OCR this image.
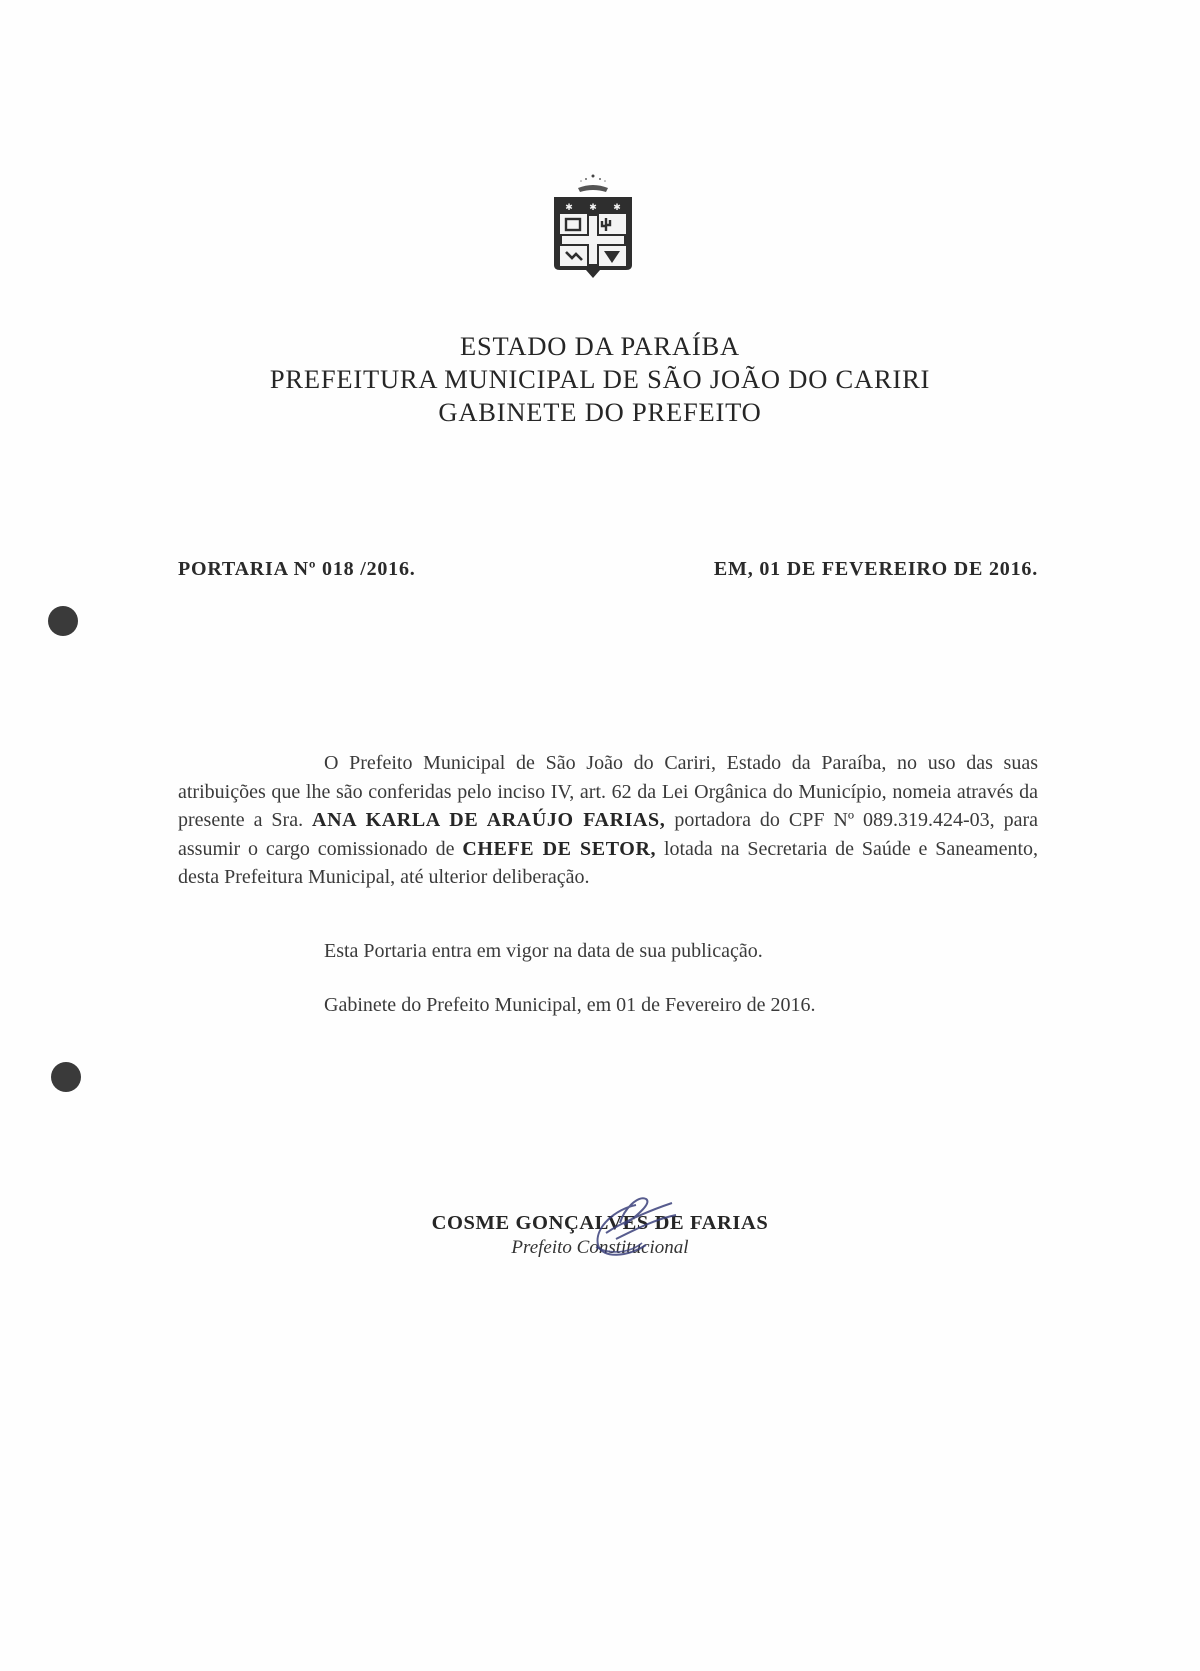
✱ ✱ ✱
ESTADO DA PARAÍBA
PREFEITURA MUNICIPAL DE SÃO JOÃO DO CARIRI
GABINETE DO PREFEITO
PORTARIA Nº 018 /2016.	EM, 01 DE FEVEREIRO DE 2016.

O Prefeito Municipal de São João do Cariri, Estado da Paraíba, no uso das suas atribuições que lhe são conferidas pelo inciso IV, art. 62 da Lei Orgânica do Município, nomeia através da presente a Sra. ANA KARLA DE ARAÚJO FARIAS, portadora do CPF Nº 089.319.424-03, para assumir o cargo comissionado de CHEFE DE SETOR, lotada na Secretaria de Saúde e Saneamento, desta Prefeitura Municipal, até ulterior deliberação.

Esta Portaria entra em vigor na data de sua publicação.
Gabinete do Prefeito Municipal, em 01 de Fevereiro de 2016.
COSME GONÇALVES DE FARIAS
Prefeito Constitucional
